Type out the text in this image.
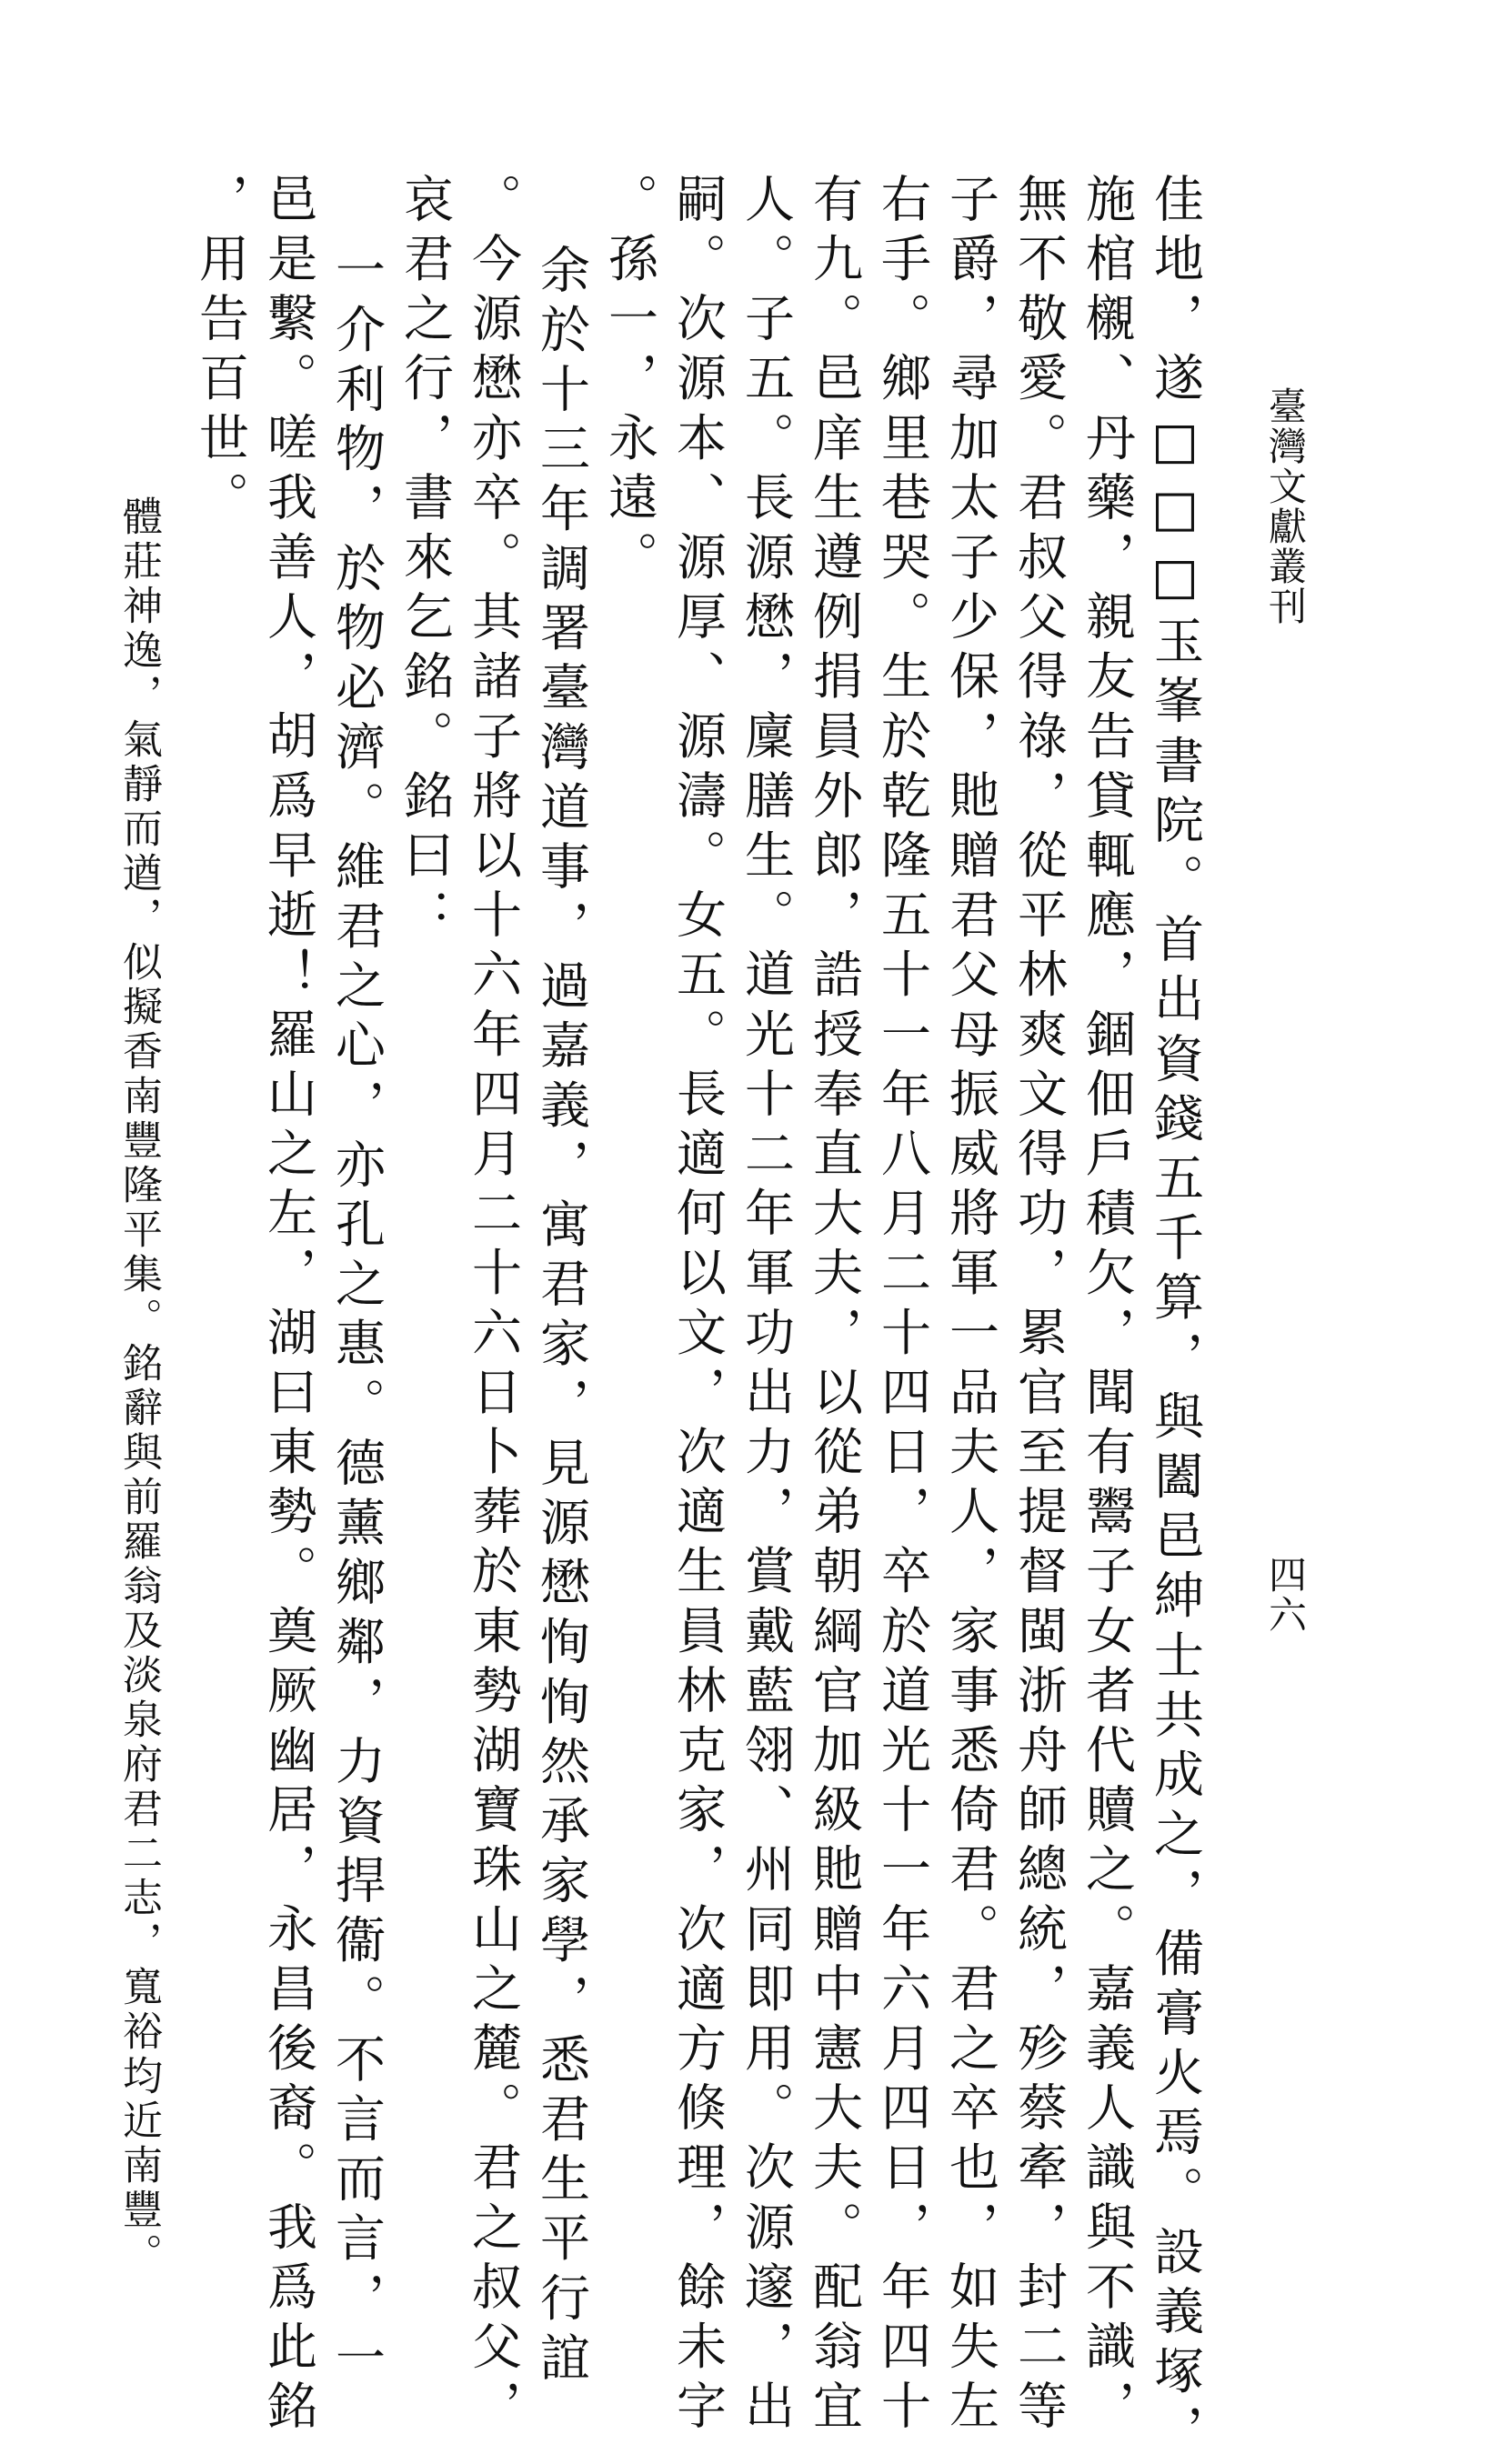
臺灣文獻叢刊
四六
佳地，遂□□□玉峯書院。首出資錢五千算，與闔邑紳士共成之，備膏火焉。設義塚，
施棺櫬、丹藥，親友告貸輒應，錮佃戶積欠，聞有鬻子女者代贖之。嘉義人識與不識，
無不敬愛。君叔父得祿，從平林爽文得功，累官至提督閩浙舟師總統，殄蔡牽，封二等
子爵，尋加太子少保，貤贈君父母振威將軍一品夫人，家事悉倚君。君之卒也，如失左
右手。鄉里巷哭。生於乾隆五十一年八月二十四日，卒於道光十一年六月四日，年四十
有九。邑庠生遵例捐員外郎，誥授奉直大夫，以從弟朝綱官加級貤贈中憲大夫。配翁宜
人。子五。長源懋，廩膳生。道光十二年軍功出力，賞戴藍翎、州同即用。次源邃，出
嗣。次源本、源厚、源濤。女五。長適何以文，次適生員林克家，次適方倏理，餘未字
。孫一，永遠。
余於十三年調署臺灣道事，過嘉義，寓君家，見源懋恂恂然承家學，悉君生平行誼
。今源懋亦卒。其諸子將以十六年四月二十六日卜葬於東勢湖寶珠山之麓。君之叔父，
哀君之行，書來乞銘。銘曰：
一介利物，於物必濟。維君之心，亦孔之惠。德薰鄉鄰，力資捍衞。不言而言，一
邑是繫。嗟我善人，胡爲早逝！羅山之左，湖曰東勢。奠厥幽居，永昌後裔。我爲此銘
，用告百世。
體莊神逸，氣靜而遒，似擬香南豐隆平集。銘辭與前羅翁及淡泉府君二志，寬裕均近南豐。
